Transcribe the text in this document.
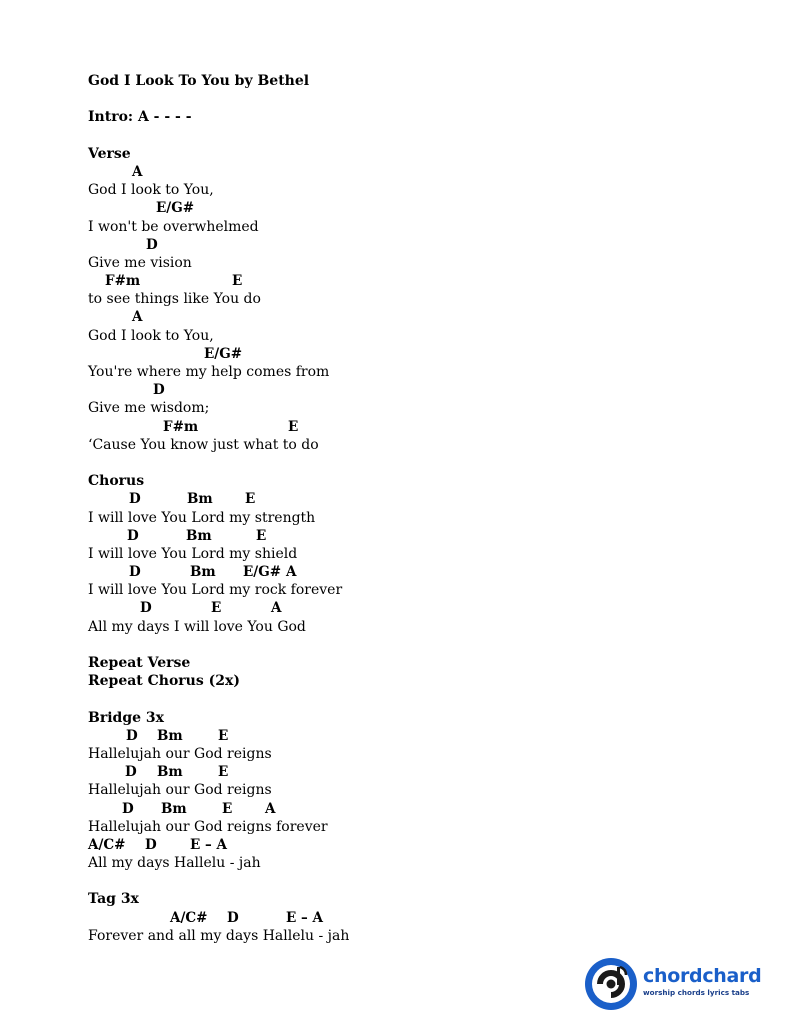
God I Look To You by Bethel
Intro: A - - - -
Verse
A
God I look to You,
E/G#
I won't be overwhelmed
D
Give me vision
F#m	E
to see things like You do
A
God I look to You,
E/G#
You're where my help comes from
D
Give me wisdom;
F#m	E
‘Cause You know just what to do
Chorus
D	Bm E
I will love You Lord my strength
D	Bm	E
I will love You Lord my shield
D	Bm E/G# A
I will love You Lord my rock forever
D	E	A
All my days I will love You God
Repeat Verse
Repeat Chorus (2x)
Bridge 3x
D Bm	E
Hallelujah our God reigns
D Bm	E
Hallelujah our God reigns
D Bm	E A
Hallelujah our God reigns forever
A/C# D E – A
All my days Hallelu - jah
Tag 3x
A/C# D	E – A
Forever and all my days Hallelu - jah
chordchard
worship chords lyrics tabs
